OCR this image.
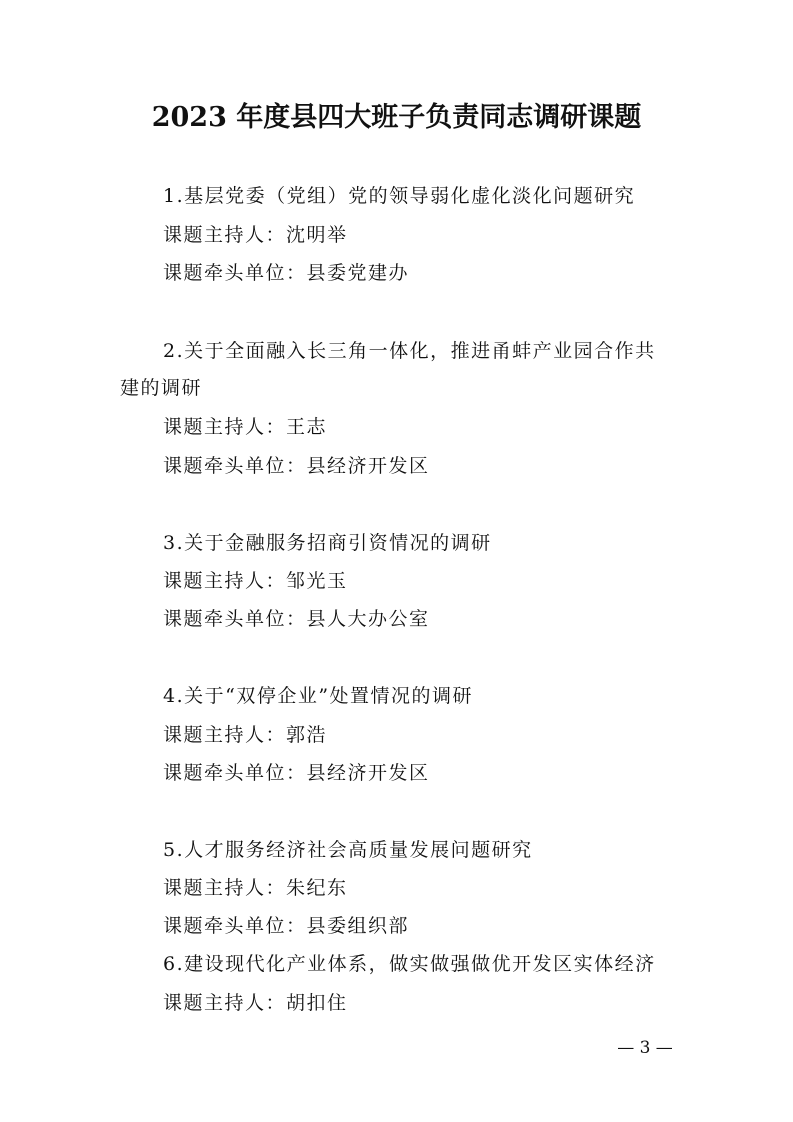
2023 年度县四大班子负责同志调研课题
1.基层党委（党组）党的领导弱化虚化淡化问题研究
课题主持人：沈明举
课题牵头单位：县委党建办
2.关于全面融入长三角一体化，推进甬蚌产业园合作共
建的调研
课题主持人：王志
课题牵头单位：县经济开发区
3.关于金融服务招商引资情况的调研
课题主持人：邹光玉
课题牵头单位：县人大办公室
4.关于“双停企业”处置情况的调研
课题主持人：郭浩
课题牵头单位：县经济开发区
5.人才服务经济社会高质量发展问题研究
课题主持人：朱纪东
课题牵头单位：县委组织部
6.建设现代化产业体系，做实做强做优开发区实体经济
课题主持人：胡扣住
— 3 —
